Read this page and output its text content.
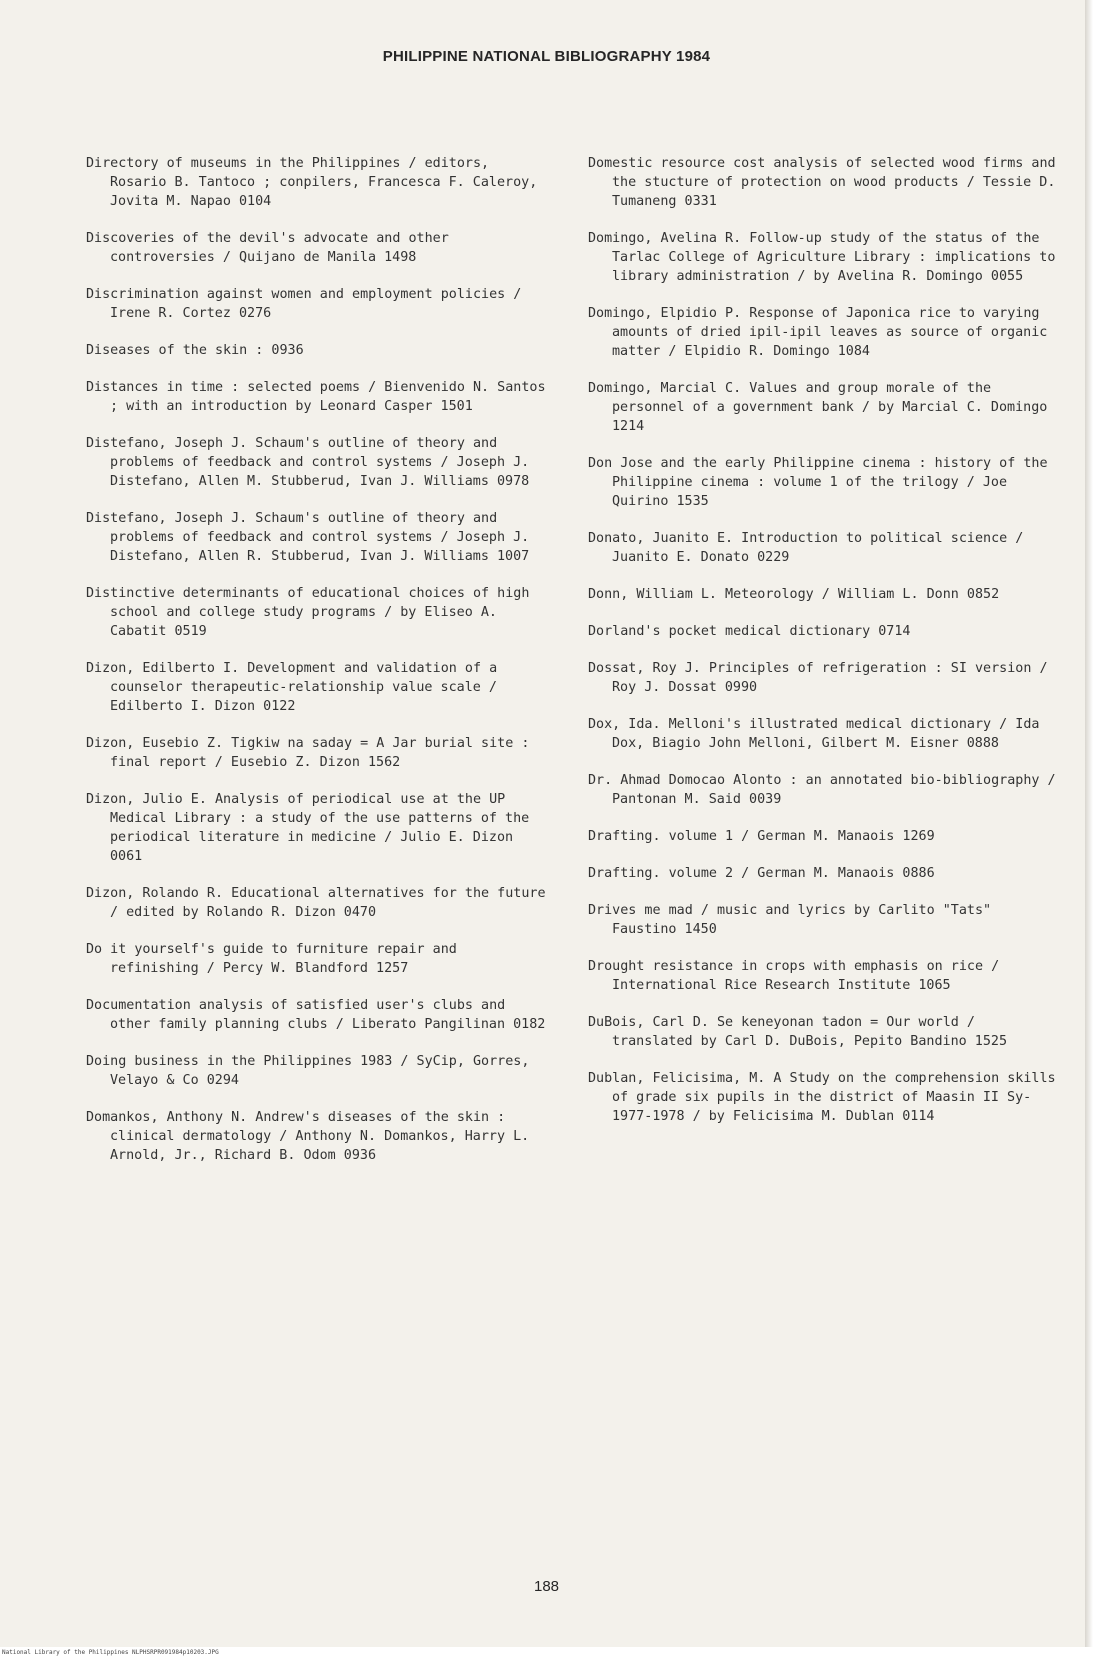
PHILIPPINE NATIONAL BIBLIOGRAPHY 1984

Directory of museums in the Philippines / editors, Rosario B. Tantoco ; conpilers, Francesca F. Caleroy, Jovita M. Napao 0104

Discoveries of the devil's advocate and other controversies / Quijano de Manila 1498

Discrimination against women and employment policies / Irene R. Cortez 0276

Diseases of the skin : 0936

Distances in time : selected poems / Bienvenido N. Santos ; with an introduction by Leonard Casper 1501

Distefano, Joseph J. Schaum's outline of theory and problems of feedback and control systems / Joseph J. Distefano, Allen M. Stubberud, Ivan J. Williams 0978

Distefano, Joseph J. Schaum's outline of theory and problems of feedback and control systems / Joseph J. Distefano, Allen R. Stubberud, Ivan J. Williams 1007

Distinctive determinants of educational choices of high school and college study programs / by Eliseo A. Cabatit 0519

Dizon, Edilberto I. Development and validation of a counselor therapeutic-relationship value scale / Edilberto I. Dizon 0122

Dizon, Eusebio Z. Tigkiw na saday = A Jar burial site : final report / Eusebio Z. Dizon 1562

Dizon, Julio E. Analysis of periodical use at the UP Medical Library : a study of the use patterns of the periodical literature in medicine / Julio E. Dizon 0061

Dizon, Rolando R. Educational alternatives for the future / edited by Rolando R. Dizon 0470

Do it yourself's guide to furniture repair and refinishing / Percy W. Blandford 1257

Documentation analysis of satisfied user's clubs and other family planning clubs / Liberato Pangilinan 0182

Doing business in the Philippines 1983 / SyCip, Gorres, Velayo & Co 0294

Domankos, Anthony N. Andrew's diseases of the skin : clinical dermatology / Anthony N. Domankos, Harry L. Arnold, Jr., Richard B. Odom 0936

Domestic resource cost analysis of selected wood firms and the stucture of protection on wood products / Tessie D. Tumaneng 0331

Domingo, Avelina R. Follow-up study of the status of the Tarlac College of Agriculture Library : implications to library administration / by Avelina R. Domingo 0055

Domingo, Elpidio P. Response of Japonica rice to varying amounts of dried ipil-ipil leaves as source of organic matter / Elpidio R. Domingo 1084

Domingo, Marcial C. Values and group morale of the personnel of a government bank / by Marcial C. Domingo 1214

Don Jose and the early Philippine cinema : history of the Philippine cinema : volume 1 of the trilogy / Joe Quirino 1535

Donato, Juanito E. Introduction to political science / Juanito E. Donato 0229

Donn, William L. Meteorology / William L. Donn 0852

Dorland's pocket medical dictionary 0714

Dossat, Roy J. Principles of refrigeration : SI version / Roy J. Dossat 0990

Dox, Ida. Melloni's illustrated medical dictionary / Ida Dox, Biagio John Melloni, Gilbert M. Eisner 0888

Dr. Ahmad Domocao Alonto : an annotated bio-bibliography / Pantonan M. Said 0039

Drafting. volume 1 / German M. Manaois 1269

Drafting. volume 2 / German M. Manaois 0886

Drives me mad / music and lyrics by Carlito "Tats" Faustino 1450

Drought resistance in crops with emphasis on rice / International Rice Research Institute 1065

DuBois, Carl D. Se keneyonan tadon = Our world / translated by Carl D. DuBois, Pepito Bandino 1525

Dublan, Felicisima, M. A Study on the comprehension skills of grade six pupils in the district of Maasin II Sy-1977-1978 / by Felicisima M. Dublan 0114

188
National Library of the Philippines NLPHSRPR091984p10203.JPG
